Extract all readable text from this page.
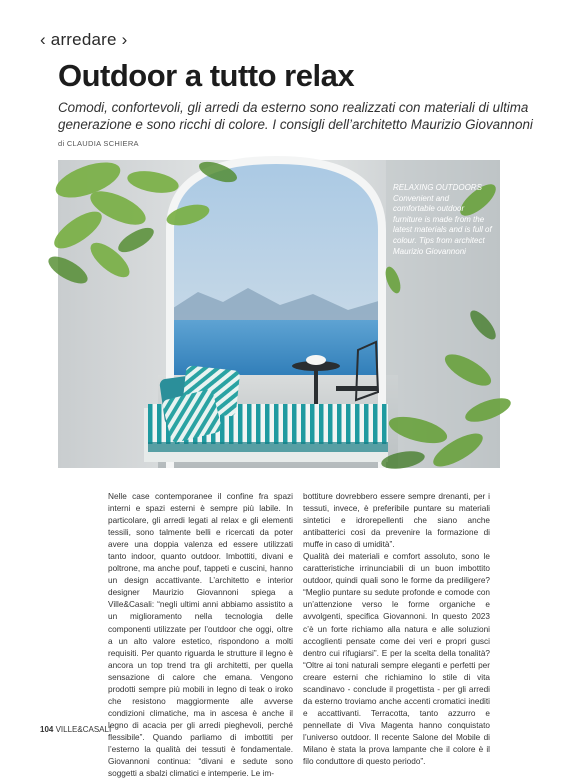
‹ arredare ›
Outdoor a tutto relax

Comodi, confortevoli, gli arredi da esterno sono realizzati con materiali di ultima generazione e sono ricchi di colore. I consigli dell’architetto Maurizio Giovannoni

di CLAUDIA SCHIERA
RELAXING OUTDOORS
Convenient and comfortable outdoor furniture is made from the latest materials and is full of colour. Tips from architect Maurizio Giovannoni

Nelle case contemporanee il confine fra spazi interni e spazi esterni è sempre più labile. In particolare, gli arredi legati al relax e gli elementi tessili, sono talmente belli e ricercati da poter avere una doppia valenza ed essere utilizzati tanto indoor, quanto outdoor. Imbottiti, divani e poltrone, ma anche pouf, tappeti e cuscini, hanno un design accattivante. L’architetto e interior designer Maurizio Giovannoni spiega a Ville&Casali: “negli ultimi anni abbiamo assistito a un miglioramento nella tecnologia delle componenti utilizzate per l’outdoor che oggi, oltre a un alto valore estetico, rispondono a molti requisiti. Per quanto riguarda le strutture il legno è ancora un top trend tra gli architetti, per quella sensazione di calore che emana. Vengono prodotti sempre più mobili in legno di teak o iroko che resistono maggiormente alle avverse condizioni climatiche, ma in ascesa è anche il legno di acacia per gli arredi pieghevoli, perché flessibile”. Quando parliamo di imbottiti per l’esterno la qualità dei tessuti è fondamentale. Giovannoni continua: “divani e sedute sono soggetti a sbalzi climatici e intemperie. Le im-

bottiture dovrebbero essere sempre drenanti, per i tessuti, invece, è preferibile puntare su materiali sintetici e idrorepellenti che siano anche antibatterici così da prevenire la formazione di muffe in caso di umidità”.

Qualità dei materiali e comfort assoluto, sono le caratteristiche irrinunciabili di un buon imbottito outdoor, quindi quali sono le forme da prediligere? “Meglio puntare su sedute profonde e comode con un’attenzione verso le forme organiche e avvolgenti, specifica Giovannoni. In questo 2023 c’è un forte richiamo alla natura e alle soluzioni accoglienti pensate come dei veri e propri gusci dentro cui rifugiarsi”. E per la scelta della tonalità? “Oltre ai toni naturali sempre eleganti e perfetti per creare esterni che richiamino lo stile di vita scandinavo - conclude il progettista - per gli arredi da esterno troviamo anche accenti cromatici inediti e accattivanti. Terracotta, tanto azzurro e pennellate di Viva Magenta hanno conquistato l’universo outdoor. Il recente Salone del Mobile di Milano è stata la prova lampante che il colore è il filo conduttore di questo periodo”.

104 VILLE&CASALI
